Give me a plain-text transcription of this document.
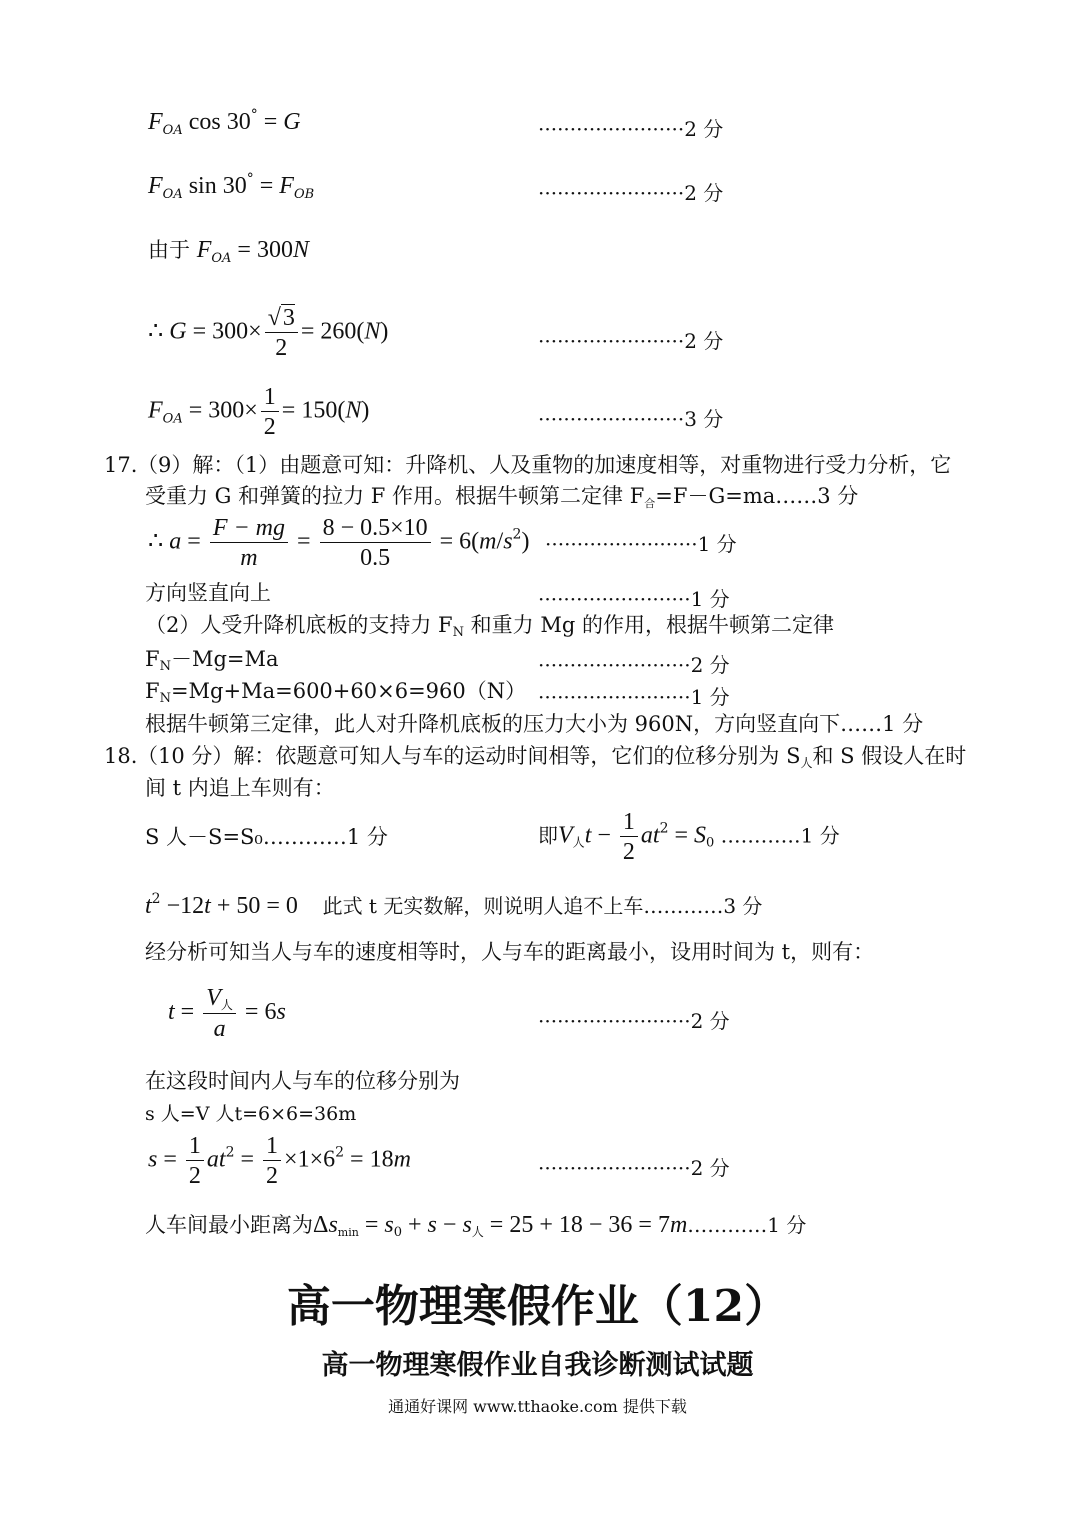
$F_{OA}$ cos 30° = G	·······················2 分
$F_{OA}$ $\sin 30^\circ = F_{OB}$	·······················2 分
由于 $F_{OA} = 300N$
∴ $G = 300\times \frac{√3}{2} = 260(N)$	·······················2 分
$F_{OA} = 300\times \frac{1}{2} = 150(N)$	·······················3 分
17. （9）解：（1）由题意可知：升降机、人及重物的加速度相等，对重物进行受力分析，它
受重力 G 和弹簧的拉力 F 作用。根据牛顿第二定律 F合=F－G=ma……3 分
∴ $a = \frac{F - mg}{m} = \frac{8 - 0.5\times 10}{0.5} = 6(m/s^2) \cdot\cdot\cdot\cdot\cdot\cdot\cdot\cdot\cdot\cdot\cdot\cdot\cdot\cdot\cdot\cdot\cdot\cdot\cdot\cdot\cdot\cdot\cdot\cdot 1$ 分
方向竖直向上	························1 分
（2）人受升降机底板的支持力 FN 和重力 Mg 的作用，根据牛顿第二定律
FN－Mg=Ma	························2 分
FN=Mg+Ma=600+60×6=960（N） ························1 分
根据牛顿第三定律，此人对升降机底板的压力大小为 960N，方向竖直向下……1 分
18. （10 分）解：依题意可知人与车的运动时间相等，它们的位移分别为 S人和 S 假设人在时
间 t 内追上车则有：
S 人－S=S₀…………1 分	即V人$t - \frac{1}{2} at^2 = S0$ …………1 分
$t^2 -12t + 50 = 0$ 此式 t 无实数解，则说明人追不上车…………3 分
经分析可知当人与车的速度相等时，人与车的距离最小，设用时间为 t，则有：
$t = \frac{\text{V人}}{a} = 6s$	························2 分
在这段时间内人与车的位移分别为
s 人=V 人t=6×6=36m
$s = \frac{1}{2} at^2 = \frac{1}{2} \times 1\times 6^2 = 18m$	························2 分
人车间最小距离为Δsmin = s0 + s − s人 = 25 + 18 − 36 = 7m…………1 分
高一物理寒假作业（12）
高一物理寒假作业自我诊断测试试题
通通好课网 www.tthaoke.com 提供下载
